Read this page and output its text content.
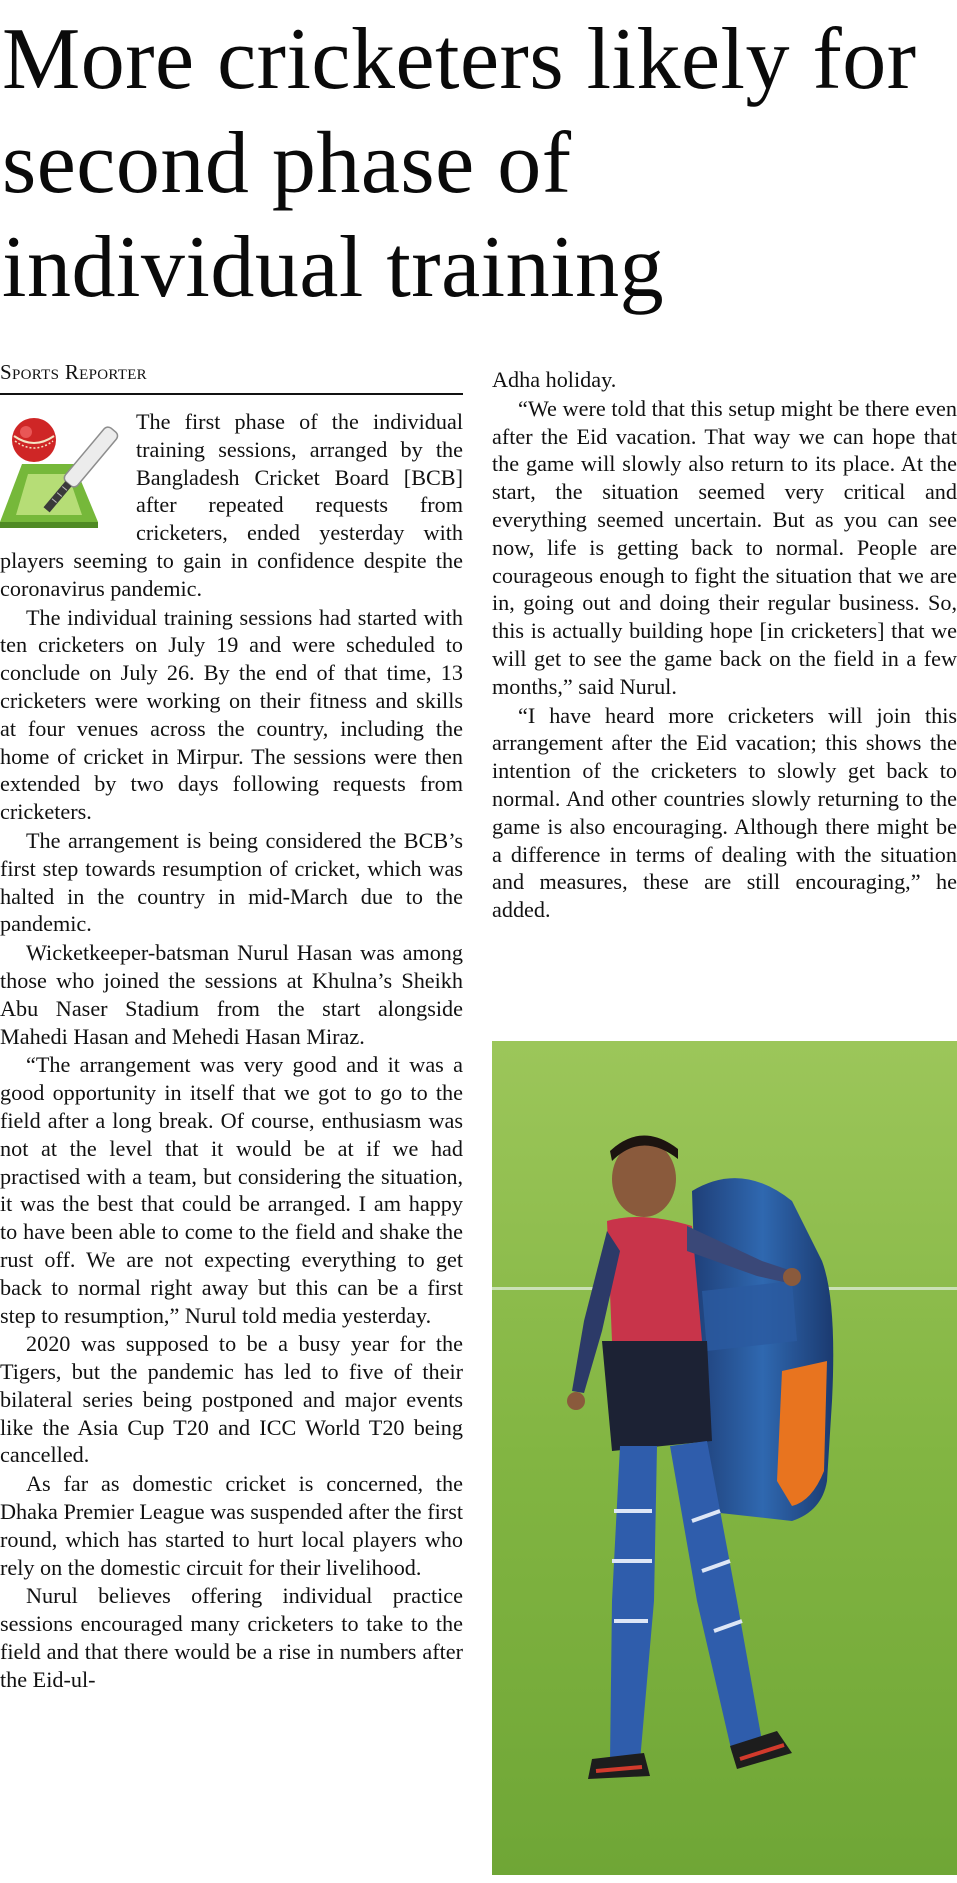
More cricketers likely for second phase of individual training
Sports Reporter

The first phase of the individual training sessions, arranged by the Bangladesh Cricket Board [BCB] after repeated requests from cricketers, ended yesterday with players seeming to gain in confidence despite the coronavirus pandemic.

The individual training sessions had started with ten cricketers on July 19 and were scheduled to conclude on July 26. By the end of that time, 13 cricketers were working on their fitness and skills at four venues across the country, including the home of cricket in Mirpur. The sessions were then extended by two days following requests from cricketers.

The arrangement is being considered the BCB’s first step towards resumption of cricket, which was halted in the country in mid-March due to the pandemic.

Wicketkeeper-batsman Nurul Hasan was among those who joined the sessions at Khulna’s Sheikh Abu Naser Stadium from the start alongside Mahedi Hasan and Mehedi Hasan Miraz.

“The arrangement was very good and it was a good opportunity in itself that we got to go to the field after a long break. Of course, enthusiasm was not at the level that it would be at if we had practised with a team, but considering the situation, it was the best that could be arranged. I am happy to have been able to come to the field and shake the rust off. We are not expecting everything to get back to normal right away but this can be a first step to resumption,” Nurul told media yesterday.

2020 was supposed to be a busy year for the Tigers, but the pandemic has led to five of their bilateral series being postponed and major events like the Asia Cup T20 and ICC World T20 being cancelled.

As far as domestic cricket is concerned, the Dhaka Premier League was suspended after the first round, which has started to hurt local players who rely on the domestic circuit for their livelihood.

Nurul believes offering individual practice sessions encouraged many cricketers to take to the field and that there would be a rise in numbers after the Eid-ul-

Adha holiday.

“We were told that this setup might be there even after the Eid vacation. That way we can hope that the game will slowly also return to its place. At the start, the situation seemed very critical and everything seemed uncertain. But as you can see now, life is getting back to normal. People are courageous enough to fight the situation that we are in, going out and doing their regular business. So, this is actually building hope [in cricketers] that we will get to see the game back on the field in a few months,” said Nurul.

“I have heard more cricketers will join this arrangement after the Eid vacation; this shows the intention of the cricketers to slowly get back to normal. And other countries slowly returning to the game is also encouraging. Although there might be a difference in terms of dealing with the situation and measures, these are still encouraging,” he added.
